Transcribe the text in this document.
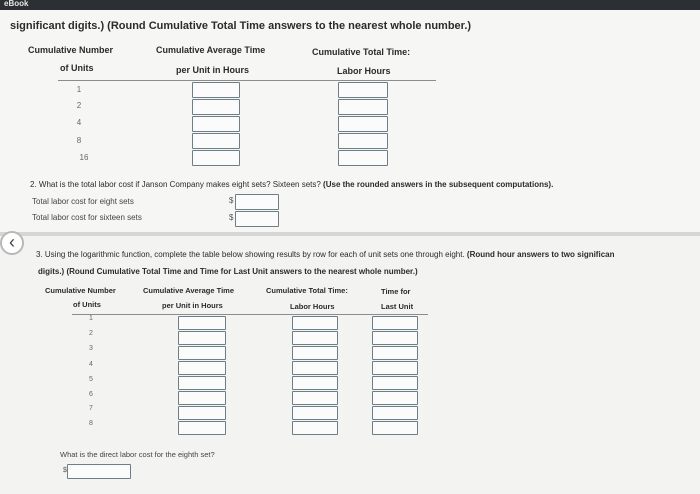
eBook
significant digits.) (Round Cumulative Total Time answers to the nearest whole number.)
Cumulative Number
of Units
Cumulative Average Time
per Unit in Hours
Cumulative Total Time:
Labor Hours
1
2
4
8
16
2. What is the total labor cost if Janson Company makes eight sets? Sixteen sets? (Use the rounded answers in the subsequent computations).
Total labor cost for eight sets
Total labor cost for sixteen sets
$
$
‹
3. Using the logarithmic function, complete the table below showing results by row for each of unit sets one through eight. (Round hour answers to two significan
digits.) (Round Cumulative Total Time and Time for Last Unit answers to the nearest whole number.)
Cumulative Number
of Units
Cumulative Average Time
per Unit in Hours
Cumulative Total Time:
Labor Hours
Time for
Last Unit
1
2
3
4
5
6
7
8
What is the direct labor cost for the eighth set?
$
